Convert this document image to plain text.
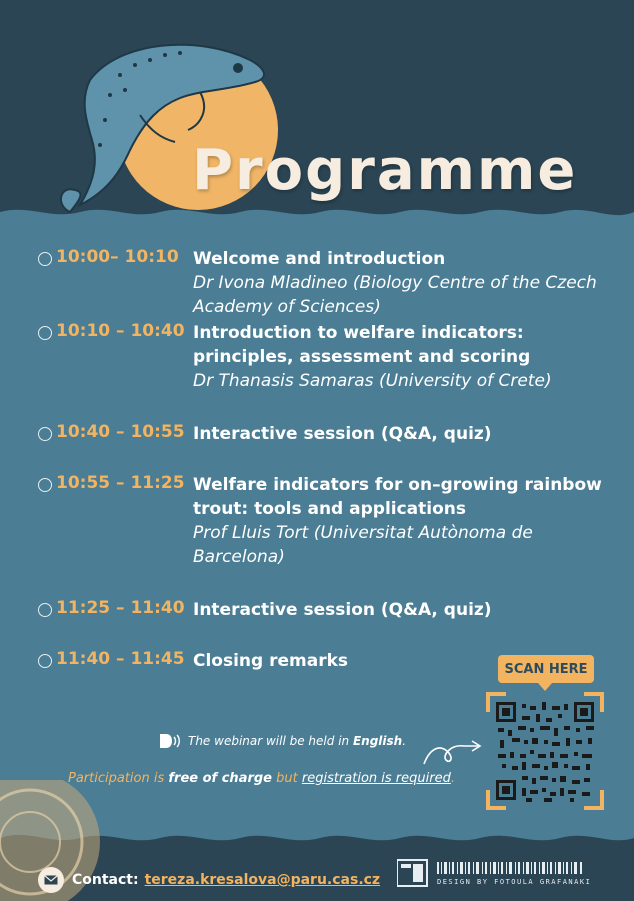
Programme
10:00– 10:10 Welcome and introduction
Dr Ivona Mladineo (Biology Centre of the Czech Academy of Sciences)
10:10 – 10:40 Introduction to welfare indicators: principles, assessment and scoring
Dr Thanasis Samaras (University of Crete)
10:40 – 10:55 Interactive session (Q&A, quiz)
10:55 – 11:25 Welfare indicators for on–growing rainbow trout: tools and applications
Prof Lluis Tort (Universitat Autònoma de Barcelona)
11:25 – 11:40 Interactive session (Q&A, quiz)
11:40 – 11:45 Closing remarks	SCAN HERE
The webinar will be held in
English .
Participation is free of charge but registration is required.
Contact: tereza.kresalova@paru.cas.cz	DESIGN BY FOTOULA GRAFANAKI
